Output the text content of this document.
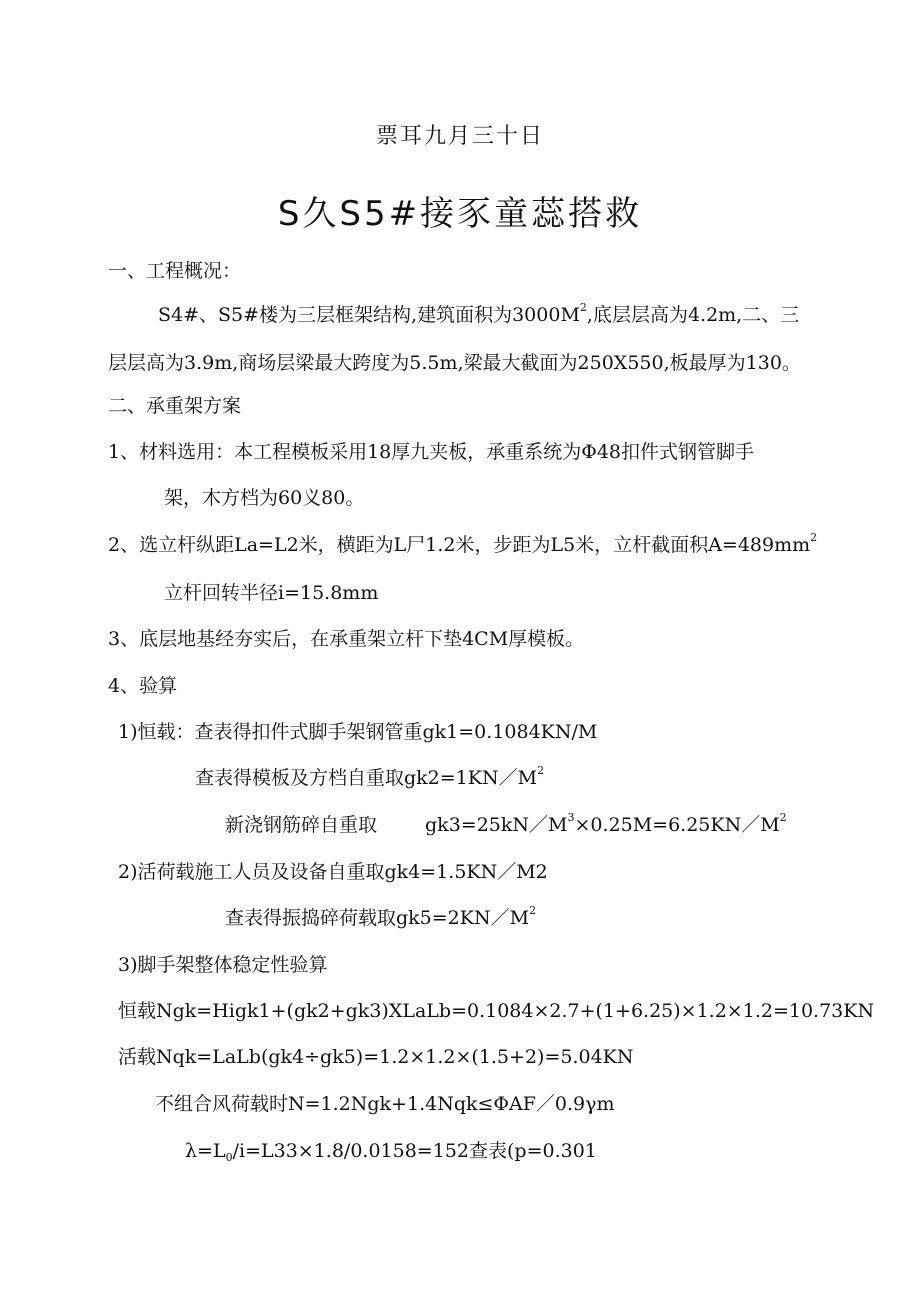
票耳九月三十日
S久S5#接豕童蕊搭救
一、工程概况：
S4#、S5#楼为三层框架结构,建筑面积为$3000M^2$,底层层高为4.2m,二、三
层层高为3.9m,商场层梁最大跨度为5.5m,梁最大截面为250X550,板最厚为130。
二、承重架方案
1、材料选用：本工程模板采用18厚九夹板，承重系统为Φ48扣件式钢管脚手
架，木方档为60义80。
2、选立杆纵距La=L2米，横距为L尸1.2米，步距为L5米，立杆截面积$A=489mm^2$
立杆回转半径i=15.8mm
3、底层地基经夯实后，在承重架立杆下垫4CM厚模板。
4、验算
1)恒载：查表得扣件式脚手架钢管重gk1=0.1084KN/M
查表得模板及方档自重取$gk2=1KN/M^2$
新浇钢筋碎自重取	$gk3=25kN/M^3\times 0.25M=6.25KN/M^2$
2)活荷载施工人员及设备自重取gk4=1.5KN／M2
查表得振捣碎荷载取$gk5=2KN/M^2$
3)脚手架整体稳定性验算
恒载Ngk=Higk1+(gk2+gk3)XLaLb=0.1084×2.7+(1+6.25)×1.2×1.2=10.73KN
活载Nqk=LaLb(gk4÷gk5)=1.2×1.2×(1.5+2)=5.04KN
不组合风荷载时N=1.2Ngk+1.4Nqk≤ΦAF／0.9γm
λ=L0/i=L33×1.8/0.0158=152查表(p=0.301
